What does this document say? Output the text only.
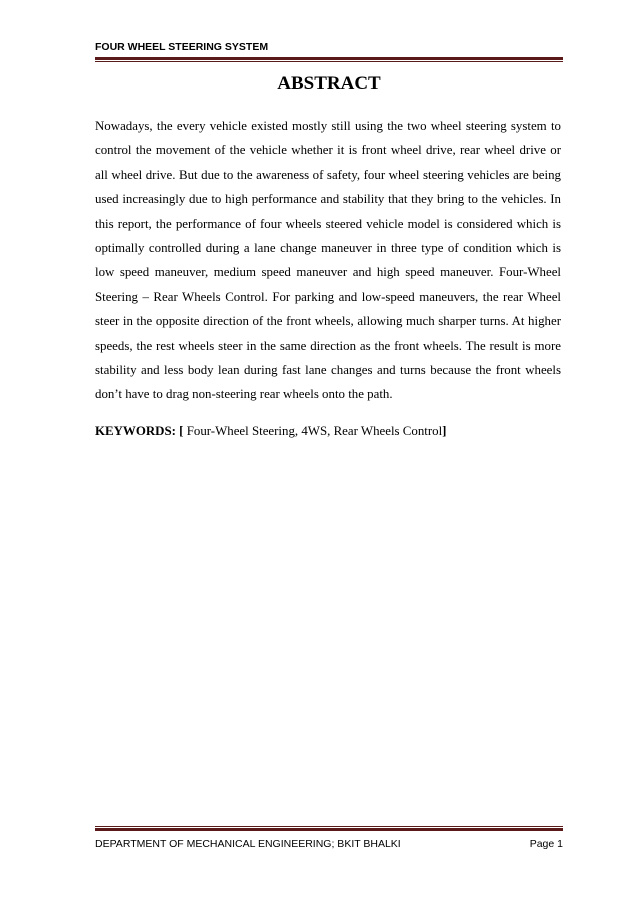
FOUR WHEEL STEERING SYSTEM
ABSTRACT
Nowadays, the every vehicle existed mostly still using the two wheel steering system to
control the movement of the vehicle whether it is front wheel drive, rear wheel drive or
all wheel drive. But due to the awareness of safety, four wheel steering vehicles are being
used increasingly due to high performance and stability that they bring to the vehicles. In
this report, the performance of four wheels steered vehicle model is considered which is
optimally controlled during a lane change maneuver in three type of condition which is
low speed maneuver, medium speed maneuver and high speed maneuver. Four-Wheel
Steering – Rear Wheels Control. For parking and low-speed maneuvers, the rear Wheel
steer in the opposite direction of the front wheels, allowing much sharper turns. At higher
speeds, the rest wheels steer in the same direction as the front wheels. The result is more
stability and less body lean during fast lane changes and turns because the front wheels
don’t have to drag non-steering rear wheels onto the path.
KEYWORDS: [ Four-Wheel Steering, 4WS, Rear Wheels Control]
DEPARTMENT OF MECHANICAL ENGINEERING; BKIT BHALKI	Page 1
